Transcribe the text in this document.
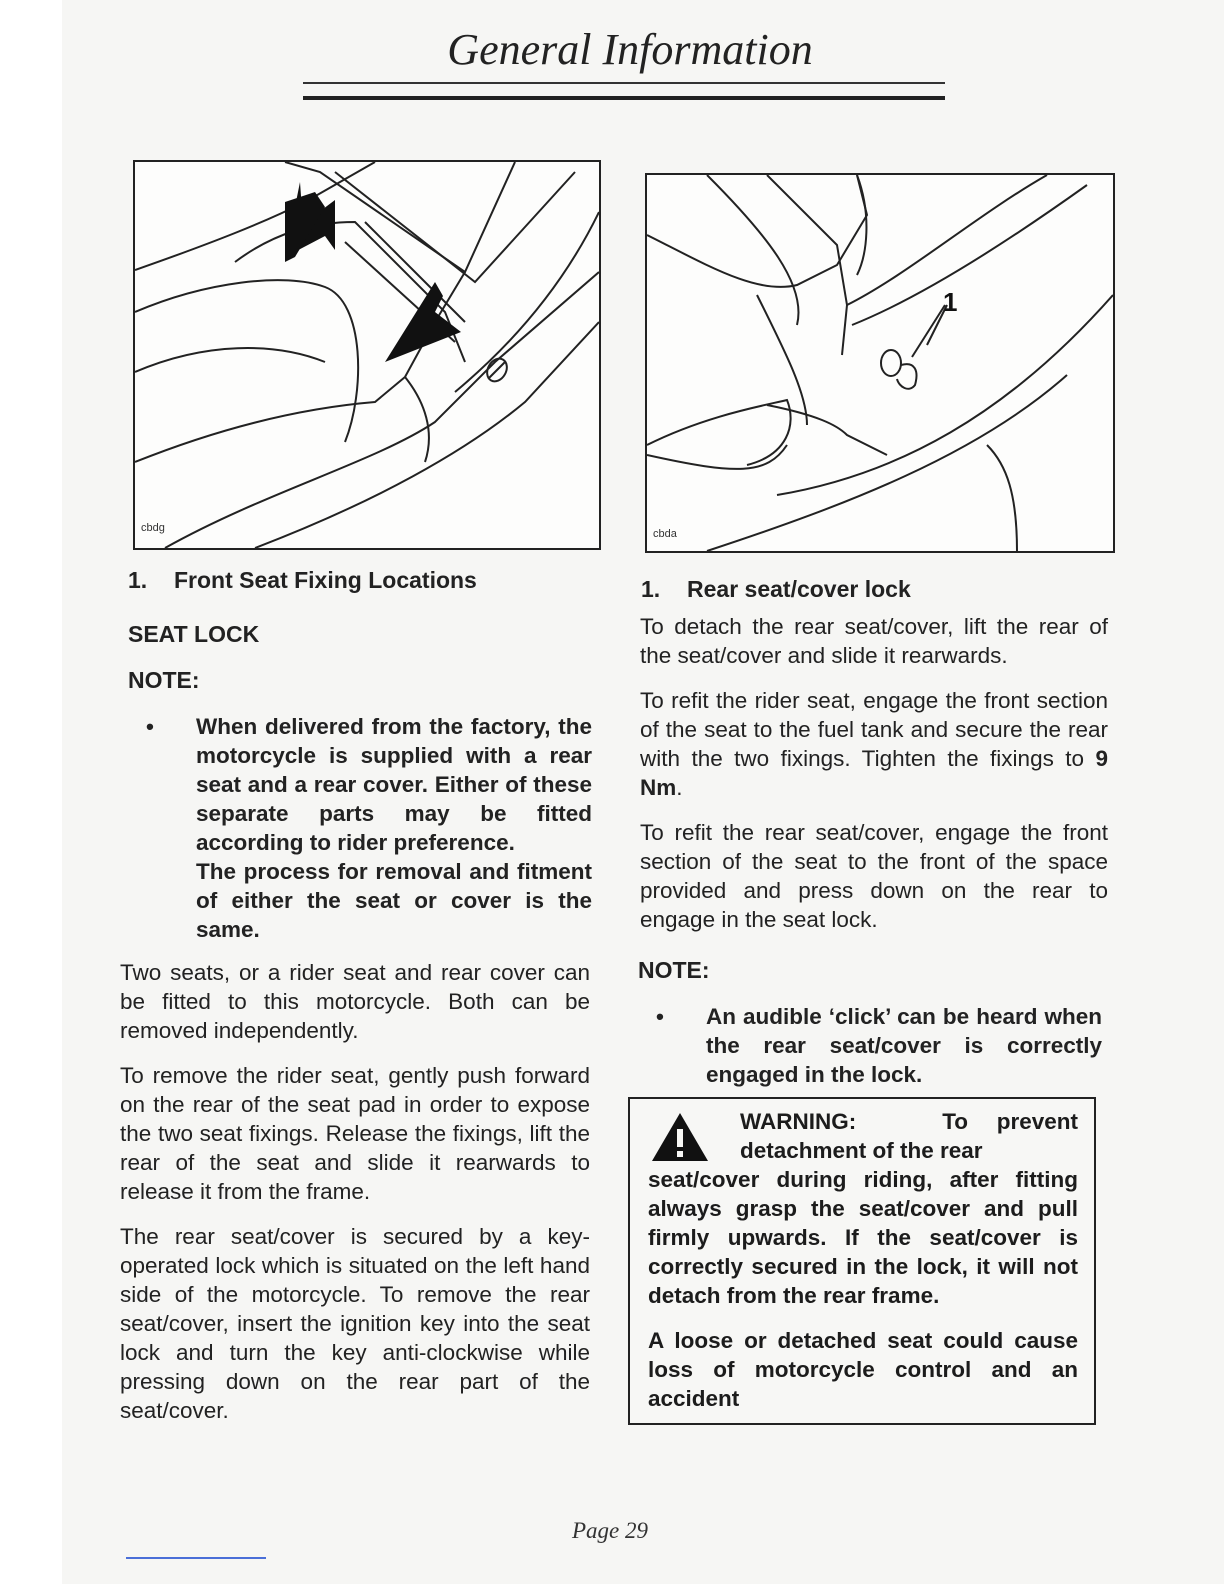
General Information
cbdg
1
cbda
1. Front Seat Fixing Locations
SEAT LOCK
NOTE:

• When delivered from the factory, the motorcycle is supplied with a rear seat and a rear cover. Either of these separate parts may be fitted according to rider preference.

The process for removal and fitment of either the seat or cover is the same.

Two seats, or a rider seat and rear cover can be fitted to this motorcycle. Both can be removed independently.

To remove the rider seat, gently push forward on the rear of the seat pad in order to expose the two seat fixings. Release the fixings, lift the rear of the seat and slide it rearwards to release it from the frame.

The rear seat/cover is secured by a key-operated lock which is situated on the left hand side of the motorcycle. To remove the rear seat/cover, insert the ignition key into the seat lock and turn the key anti-clockwise while pressing down on the rear part of the seat/cover.

1. Rear seat/cover lock

To detach the rear seat/cover, lift the rear of the seat/cover and slide it rearwards.

To refit the rider seat, engage the front section of the seat to the fuel tank and secure the rear with the two fixings. Tighten the fixings to 9 Nm.

To refit the rear seat/cover, engage the front section of the seat to the front of the space provided and press down on the rear to engage in the seat lock.

NOTE:

• An audible ‘click’ can be heard when the rear seat/cover is correctly engaged in the lock.

WARNING:	To prevent detachment of the rear

seat/cover during riding, after fitting always grasp the seat/cover and pull firmly upwards. If the seat/cover is correctly secured in the lock, it will not detach from the rear frame.

A loose or detached seat could cause loss of motorcycle control and an accident

Page 29
